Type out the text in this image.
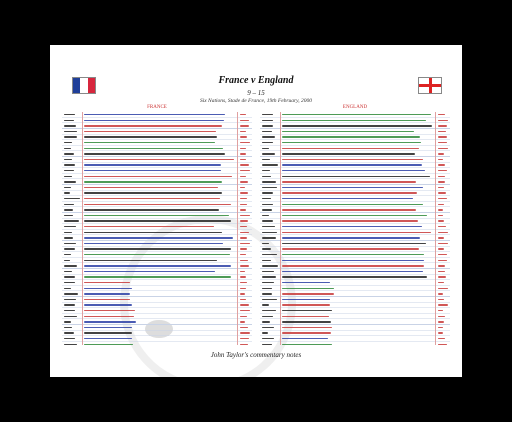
France v England
9 – 15
Six Nations, Stade de France, 19th February, 2000
FRANCE	ENGLAND
John Taylor's commentary notes
